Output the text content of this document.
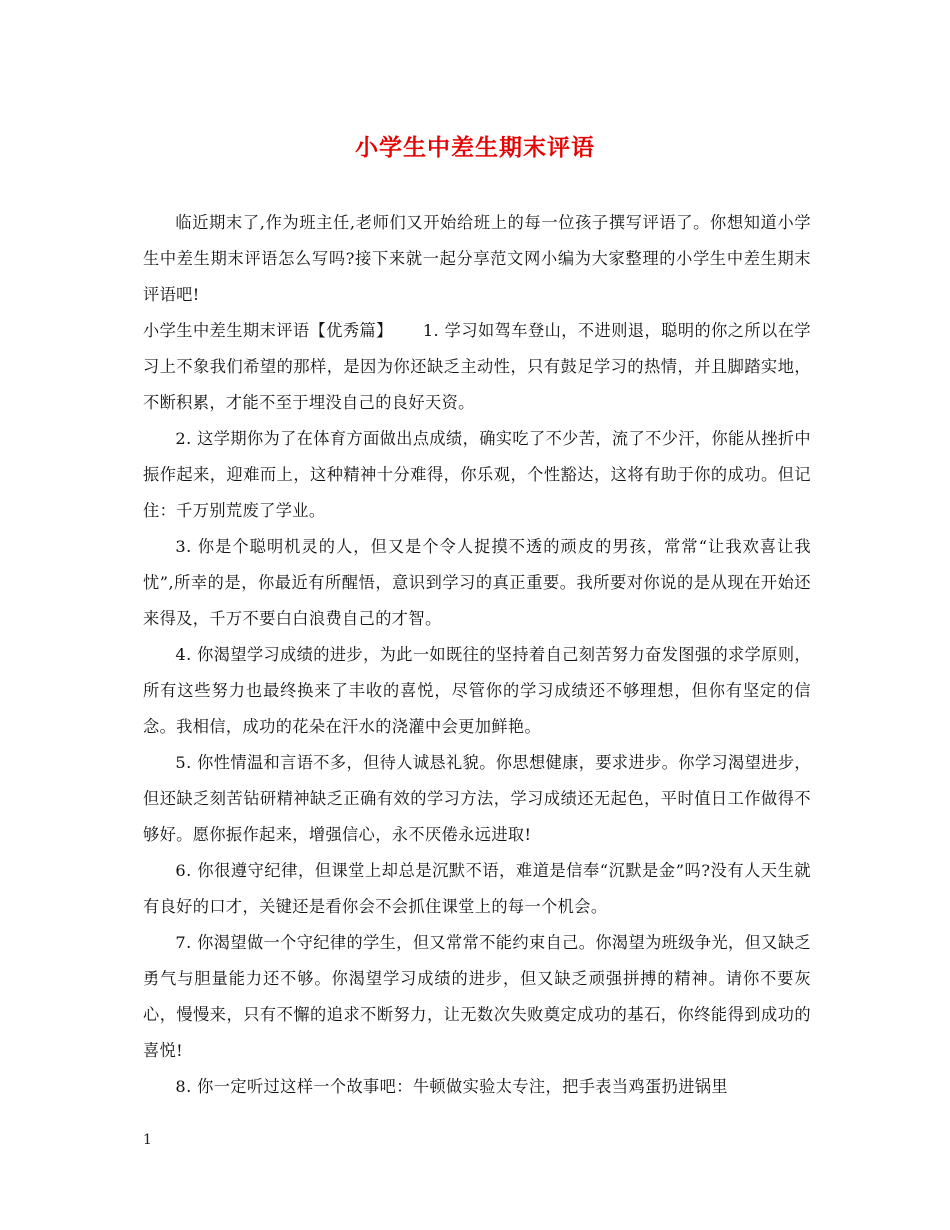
小学生中差生期末评语

临近期末了,作为班主任,老师们又开始给班上的每一位孩子撰写评语了。你想知道小学生中差生期末评语怎么写吗?接下来就一起分享范文网小编为大家整理的小学生中差生期末评语吧!

小学生中差生期末评语【优秀篇】 1. 学习如驾车登山，不进则退，聪明的你之所以在学习上不象我们希望的那样，是因为你还缺乏主动性，只有鼓足学习的热情，并且脚踏实地，不断积累，才能不至于埋没自己的良好天资。

2. 这学期你为了在体育方面做出点成绩，确实吃了不少苦，流了不少汗，你能从挫折中振作起来，迎难而上，这种精神十分难得，你乐观，个性豁达，这将有助于你的成功。但记住：千万别荒废了学业。

3. 你是个聪明机灵的人，但又是个令人捉摸不透的顽皮的男孩，常常“让我欢喜让我忧”,所幸的是，你最近有所醒悟，意识到学习的真正重要。我所要对你说的是从现在开始还来得及，千万不要白白浪费自己的才智。

4. 你渴望学习成绩的进步，为此一如既往的坚持着自己刻苦努力奋发图强的求学原则，所有这些努力也最终换来了丰收的喜悦，尽管你的学习成绩还不够理想，但你有坚定的信念。我相信，成功的花朵在汗水的浇灌中会更加鲜艳。

5. 你性情温和言语不多，但待人诚恳礼貌。你思想健康，要求进步。你学习渴望进步，但还缺乏刻苦钻研精神缺乏正确有效的学习方法，学习成绩还无起色，平时值日工作做得不够好。愿你振作起来，增强信心，永不厌倦永远进取!

6. 你很遵守纪律，但课堂上却总是沉默不语，难道是信奉“沉默是金”吗?没有人天生就有良好的口才，关键还是看你会不会抓住课堂上的每一个机会。

7. 你渴望做一个守纪律的学生，但又常常不能约束自己。你渴望为班级争光，但又缺乏勇气与胆量能力还不够。你渴望学习成绩的进步，但又缺乏顽强拼搏的精神。请你不要灰心，慢慢来，只有不懈的追求不断努力，让无数次失败奠定成功的基石，你终能得到成功的喜悦!

8. 你一定听过这样一个故事吧：牛顿做实验太专注，把手表当鸡蛋扔进锅里

1
